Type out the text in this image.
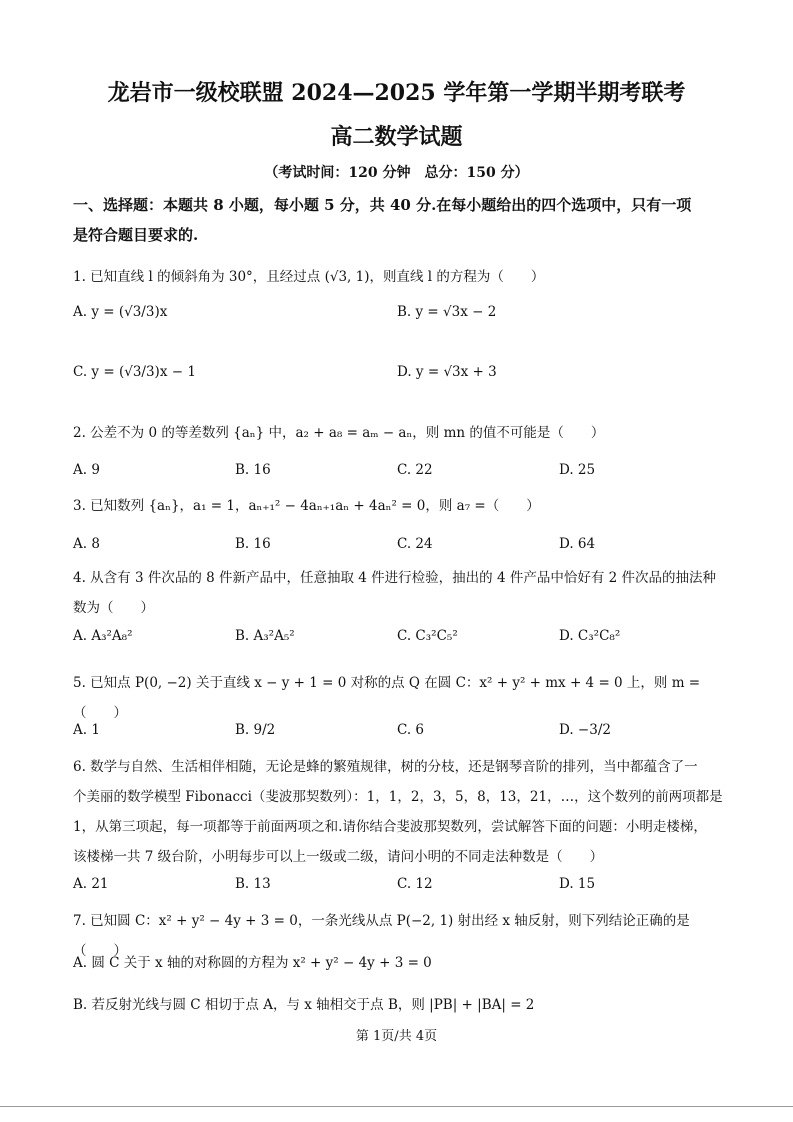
龙岩市一级校联盟 2024—2025 学年第一学期半期考联考
高二数学试题
（考试时间：120 分钟　总分：150 分）
一、选择题：本题共 8 小题，每小题 5 分，共 40 分.在每小题给出的四个选项中，只有一项
是符合题目要求的.
1. 已知直线 l 的倾斜角为 30°，且经过点 (√3, 1)，则直线 l 的方程为（　　）
A. y = (√3/3)x	B. y = √3x − 2
C. y = (√3/3)x − 1	D. y = √3x + 3
2. 公差不为 0 的等差数列 {aₙ} 中，a₂ + a₈ = aₘ − aₙ，则 mn 的值不可能是（　　）
A. 9	B. 16	C. 22	D. 25
3. 已知数列 {aₙ}，a₁ = 1，aₙ₊₁² − 4aₙ₊₁aₙ + 4aₙ² = 0，则 a₇ =（　　）
A. 8	B. 16	C. 24	D. 64
4. 从含有 3 件次品的 8 件新产品中，任意抽取 4 件进行检验，抽出的 4 件产品中恰好有 2 件次品的抽法种
数为（　　）
A. A₃²A₈²	B. A₃²A₅²	C. C₃²C₅²	D. C₃²C₈²
5. 已知点 P(0, −2) 关于直线 x − y + 1 = 0 对称的点 Q 在圆 C：x² + y² + mx + 4 = 0 上，则 m =（　　）
A. 1	B. 9/2	C. 6	D. −3/2
6. 数学与自然、生活相伴相随，无论是蜂的繁殖规律，树的分枝，还是钢琴音阶的排列，当中都蕴含了一
个美丽的数学模型 Fibonacci（斐波那契数列）：1，1，2，3，5，8，13，21，…，这个数列的前两项都是
1，从第三项起，每一项都等于前面两项之和.请你结合斐波那契数列，尝试解答下面的问题：小明走楼梯，
该楼梯一共 7 级台阶，小明每步可以上一级或二级，请问小明的不同走法种数是（　　）
A. 21	B. 13	C. 12	D. 15
7. 已知圆 C：x² + y² − 4y + 3 = 0，一条光线从点 P(−2, 1) 射出经 x 轴反射，则下列结论正确的是（　　）
A. 圆 C 关于 x 轴的对称圆的方程为 x² + y² − 4y + 3 = 0
B. 若反射光线与圆 C 相切于点 A，与 x 轴相交于点 B，则 |PB| + |BA| = 2
第 1页/共 4页
